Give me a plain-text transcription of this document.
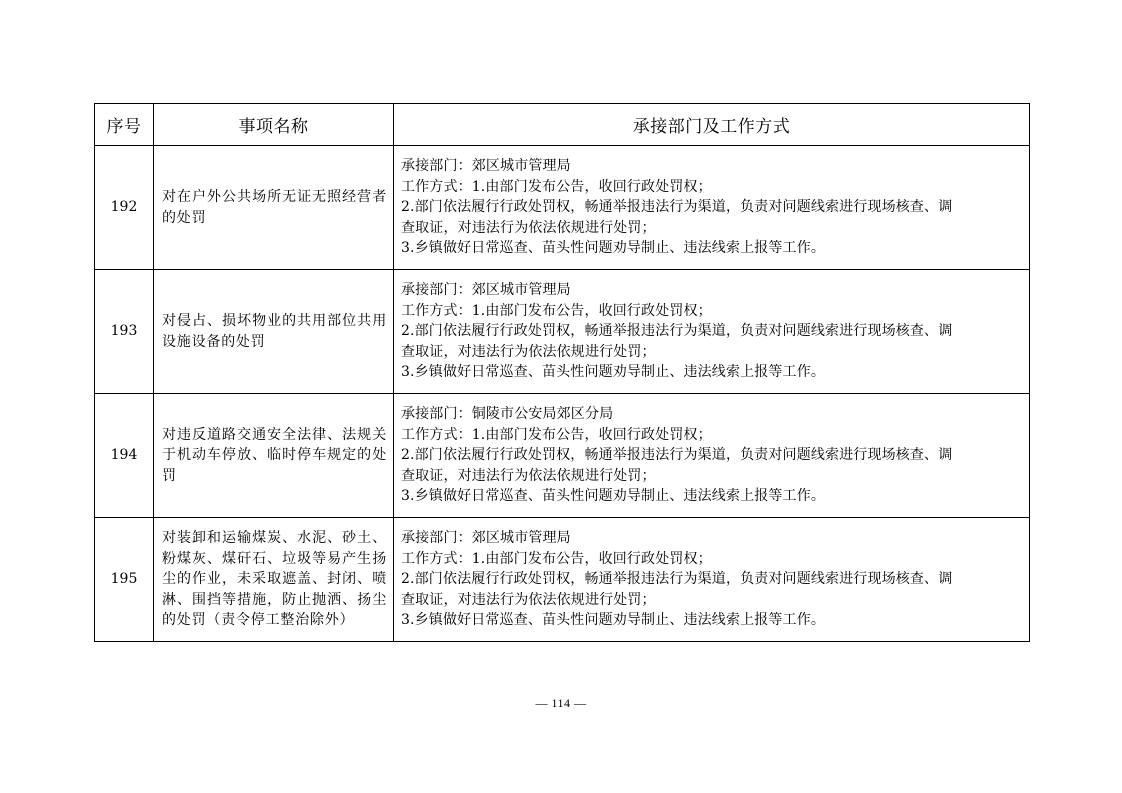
序号	事项名称	承接部门及工作方式
192	对在户外公共场所无证无照经营者的处罚	承接部门：郊区城市管理局
工作方式：1.由部门发布公告，收回行政处罚权；
2.部门依法履行行政处罚权，畅通举报违法行为渠道，负责对问题线索进行现场核查、调
查取证，对违法行为依法依规进行处罚；
3.乡镇做好日常巡查、苗头性问题劝导制止、违法线索上报等工作。

193	对侵占、损坏物业的共用部位共用设施设备的处罚	承接部门：郊区城市管理局
工作方式：1.由部门发布公告，收回行政处罚权；
2.部门依法履行行政处罚权，畅通举报违法行为渠道，负责对问题线索进行现场核查、调
查取证，对违法行为依法依规进行处罚；
3.乡镇做好日常巡查、苗头性问题劝导制止、违法线索上报等工作。

194	对违反道路交通安全法律、法规关于机动车停放、临时停车规定的处罚	承接部门：铜陵市公安局郊区分局
工作方式：1.由部门发布公告，收回行政处罚权；
2.部门依法履行行政处罚权，畅通举报违法行为渠道，负责对问题线索进行现场核查、调
查取证，对违法行为依法依规进行处罚；
3.乡镇做好日常巡查、苗头性问题劝导制止、违法线索上报等工作。

195	对装卸和运输煤炭、水泥、砂土、粉煤灰、煤矸石、垃圾等易产生扬尘的作业，未采取遮盖、封闭、喷淋、围挡等措施，防止抛洒、扬尘的处罚（责令停工整治除外）	承接部门：郊区城市管理局
工作方式：1.由部门发布公告，收回行政处罚权；
2.部门依法履行行政处罚权，畅通举报违法行为渠道，负责对问题线索进行现场核查、调
查取证，对违法行为依法依规进行处罚；
3.乡镇做好日常巡查、苗头性问题劝导制止、违法线索上报等工作。
— 114 —
